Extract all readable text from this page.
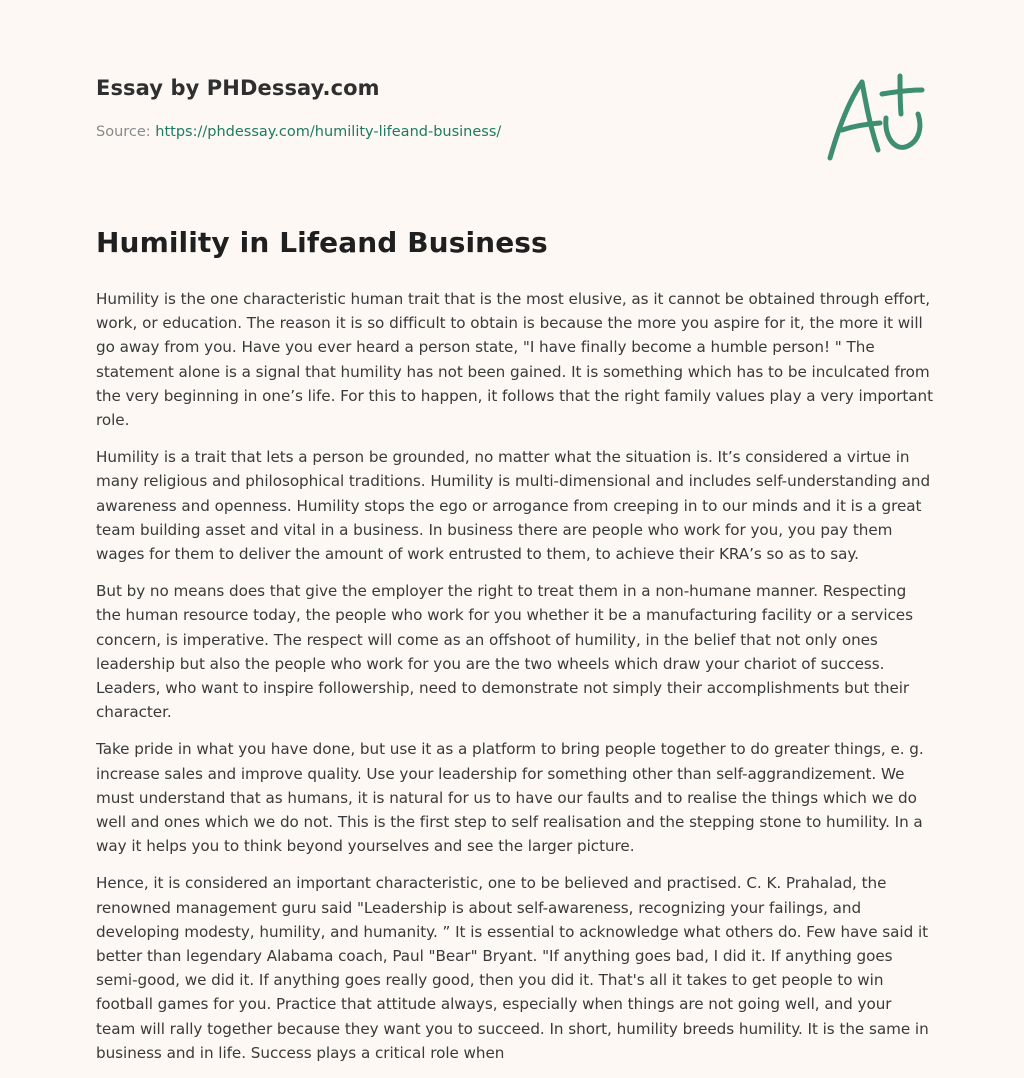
Essay by PHDessay.com
Source: https://phdessay.com/humility-lifeand-business/
Humility in Lifeand Business

Humility is the one characteristic human trait that is the most elusive, as it cannot be obtained through effort, work, or education. The reason it is so difficult to obtain is because the more you aspire for it, the more it will go away from you. Have you ever heard a person state, "I have finally become a humble person! " The statement alone is a signal that humility has not been gained. It is something which has to be inculcated from the very beginning in one’s life. For this to happen, it follows that the right family values play a very important role.

Humility is a trait that lets a person be grounded, no matter what the situation is. It’s considered a virtue in many religious and philosophical traditions. Humility is multi-dimensional and includes self-understanding and awareness and openness. Humility stops the ego or arrogance from creeping in to our minds and it is a great team building asset and vital in a business. In business there are people who work for you, you pay them wages for them to deliver the amount of work entrusted to them, to achieve their KRA’s so as to say.

But by no means does that give the employer the right to treat them in a non-humane manner. Respecting the human resource today, the people who work for you whether it be a manufacturing facility or a services concern, is imperative. The respect will come as an offshoot of humility, in the belief that not only ones leadership but also the people who work for you are the two wheels which draw your chariot of success. Leaders, who want to inspire followership, need to demonstrate not simply their accomplishments but their character.

Take pride in what you have done, but use it as a platform to bring people together to do greater things, e. g. increase sales and improve quality. Use your leadership for something other than self-aggrandizement. We must understand that as humans, it is natural for us to have our faults and to realise the things which we do well and ones which we do not. This is the first step to self realisation and the stepping stone to humility. In a way it helps you to think beyond yourselves and see the larger picture.

Hence, it is considered an important characteristic, one to be believed and practised. C. K. Prahalad, the renowned management guru said "Leadership is about self-awareness, recognizing your failings, and developing modesty, humility, and humanity. ” It is essential to acknowledge what others do. Few have said it better than legendary Alabama coach, Paul "Bear" Bryant. "If anything goes bad, I did it. If anything goes semi-good, we did it. If anything goes really good, then you did it. That's all it takes to get people to win football games for you. Practice that attitude always, especially when things are not going well, and your team will rally together because they want you to succeed. In short, humility breeds humility. It is the same in business and in life. Success plays a critical role when
